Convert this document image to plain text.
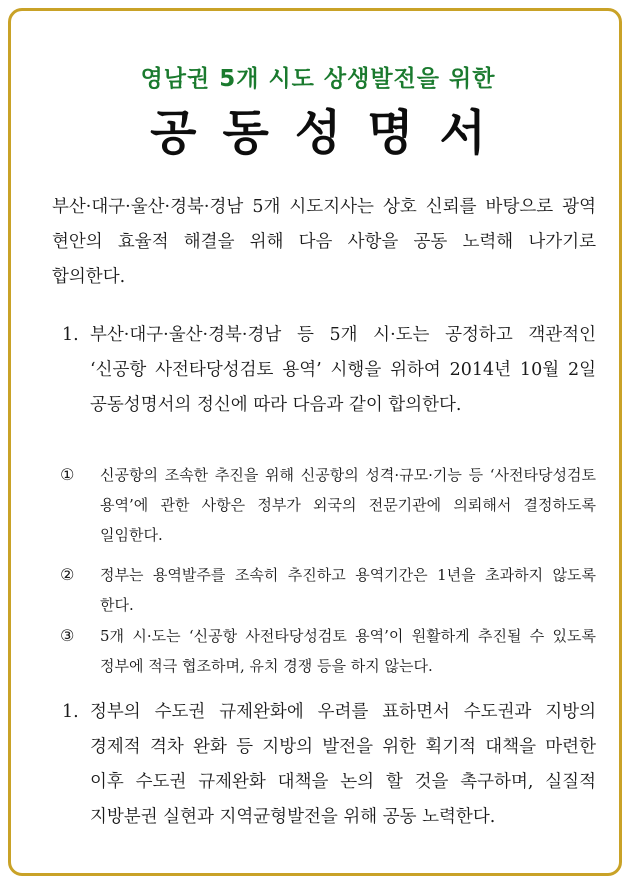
영남권 5개 시도 상생발전을 위한
공동성명서
부산·대구·울산·경북·경남 5개 시도지사는 상호 신뢰를 바탕으로 광역 현안의 효율적 해결을 위해 다음 사항을 공동 노력해 나가기로 합의한다.
1. 부산·대구·울산·경북·경남 등 5개 시·도는 공정하고 객관적인 ‘신공항 사전타당성검토 용역’ 시행을 위하여 2014년 10월 2일 공동성명서의 정신에 따라 다음과 같이 합의한다.
① 신공항의 조속한 추진을 위해 신공항의 성격·규모·기능 등 ‘사전타당성검토 용역’에 관한 사항은 정부가 외국의 전문기관에 의뢰해서 결정하도록 일임한다.
② 정부는 용역발주를 조속히 추진하고 용역기간은 1년을 초과하지 않도록 한다.
③ 5개 시·도는 ‘신공항 사전타당성검토 용역’이 원활하게 추진될 수 있도록 정부에 적극 협조하며, 유치 경쟁 등을 하지 않는다.
1. 정부의 수도권 규제완화에 우려를 표하면서 수도권과 지방의 경제적 격차 완화 등 지방의 발전을 위한 획기적 대책을 마련한 이후 수도권 규제완화 대책을 논의 할 것을 촉구하며, 실질적 지방분권 실현과 지역균형발전을 위해 공동 노력한다.
